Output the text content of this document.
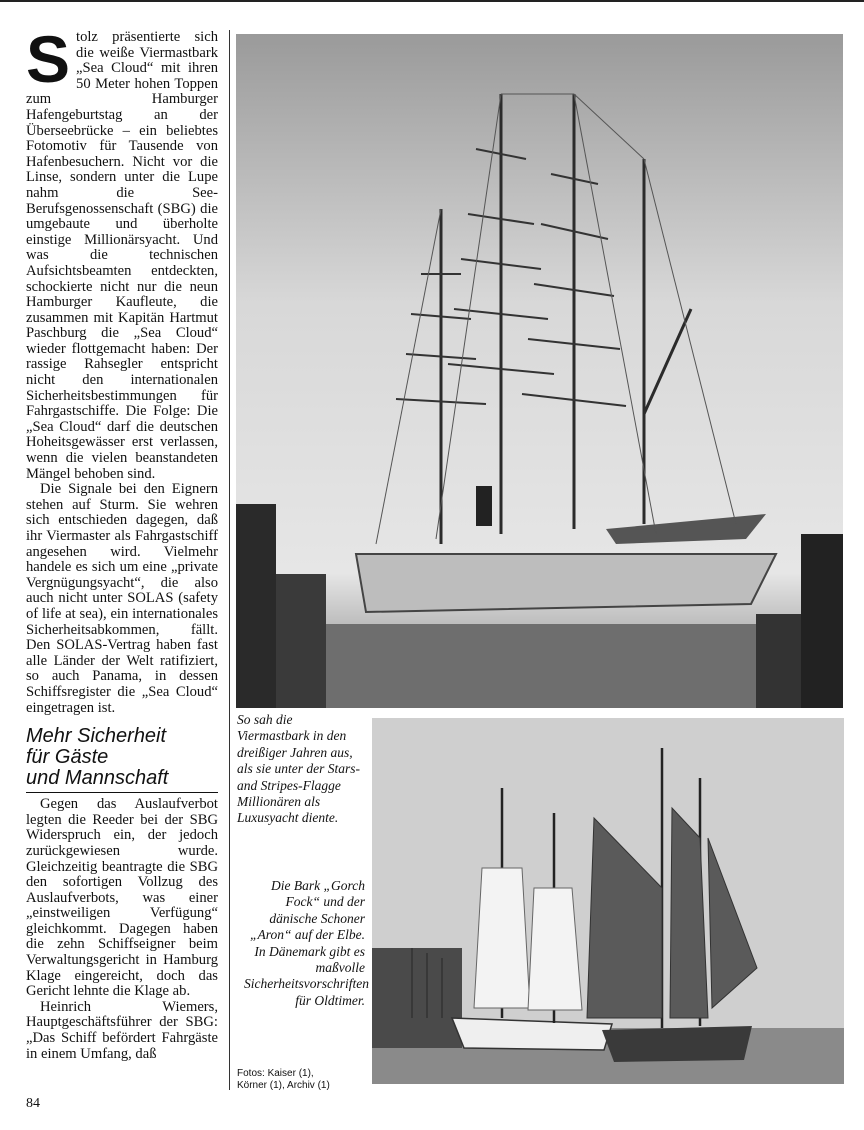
Stolz präsentierte sich die weiße Viermastbark „Sea Cloud“ mit ihren 50 Meter hohen Toppen zum Hamburger Hafengeburtstag an der Überseebrücke – ein beliebtes Fotomotiv für Tausende von Hafenbesuchern. Nicht vor die Linse, sondern unter die Lupe nahm die See-Berufsgenossenschaft (SBG) die umgebaute und überholte einstige Millionärsyacht. Und was die technischen Aufsichtsbeamten entdeckten, schockierte nicht nur die neun Hamburger Kaufleute, die zusammen mit Kapitän Hartmut Paschburg die „Sea Cloud“ wieder flottgemacht haben: Der rassige Rahsegler entspricht nicht den internationalen Sicherheitsbestimmungen für Fahrgastschiffe. Die Folge: Die „Sea Cloud“ darf die deutschen Hoheitsgewässer erst verlassen, wenn die vielen beanstandeten Mängel behoben sind.

Die Signale bei den Eignern stehen auf Sturm. Sie wehren sich entschieden dagegen, daß ihr Viermaster als Fahrgastschiff angesehen wird. Vielmehr handele es sich um eine „private Vergnügungsyacht“, die also auch nicht unter SOLAS (safety of life at sea), ein internationales Sicherheitsabkommen, fällt. Den SOLAS-Vertrag haben fast alle Länder der Welt ratifiziert, so auch Panama, in dessen Schiffsregister die „Sea Cloud“ eingetragen ist.

Mehr Sicherheit
für Gäste
und Mannschaft

Gegen das Auslaufverbot legten die Reeder bei der SBG Widerspruch ein, der jedoch zurückgewiesen wurde. Gleichzeitig beantragte die SBG den sofortigen Vollzug des Auslaufverbots, was einer „einstweiligen Verfügung“ gleichkommt. Dagegen haben die zehn Schiffseigner beim Verwaltungsgericht in Hamburg Klage eingereicht, doch das Gericht lehnte die Klage ab.

Heinrich Wiemers, Hauptgeschäftsführer der SBG: „Das Schiff befördert Fahrgäste in einem Umfang, daß

So sah die Viermastbark in den dreißiger Jahren aus, als sie unter der Stars- and Stripes-Flagge Millionären als Luxusyacht diente.
Die Bark „Gorch Fock“ und der dänische Schoner „Aron“ auf der Elbe. In Dänemark gibt es maßvolle Sicherheitsvorschriften für Oldtimer.
Fotos: Kaiser (1),
Körner (1), Archiv (1)
84
